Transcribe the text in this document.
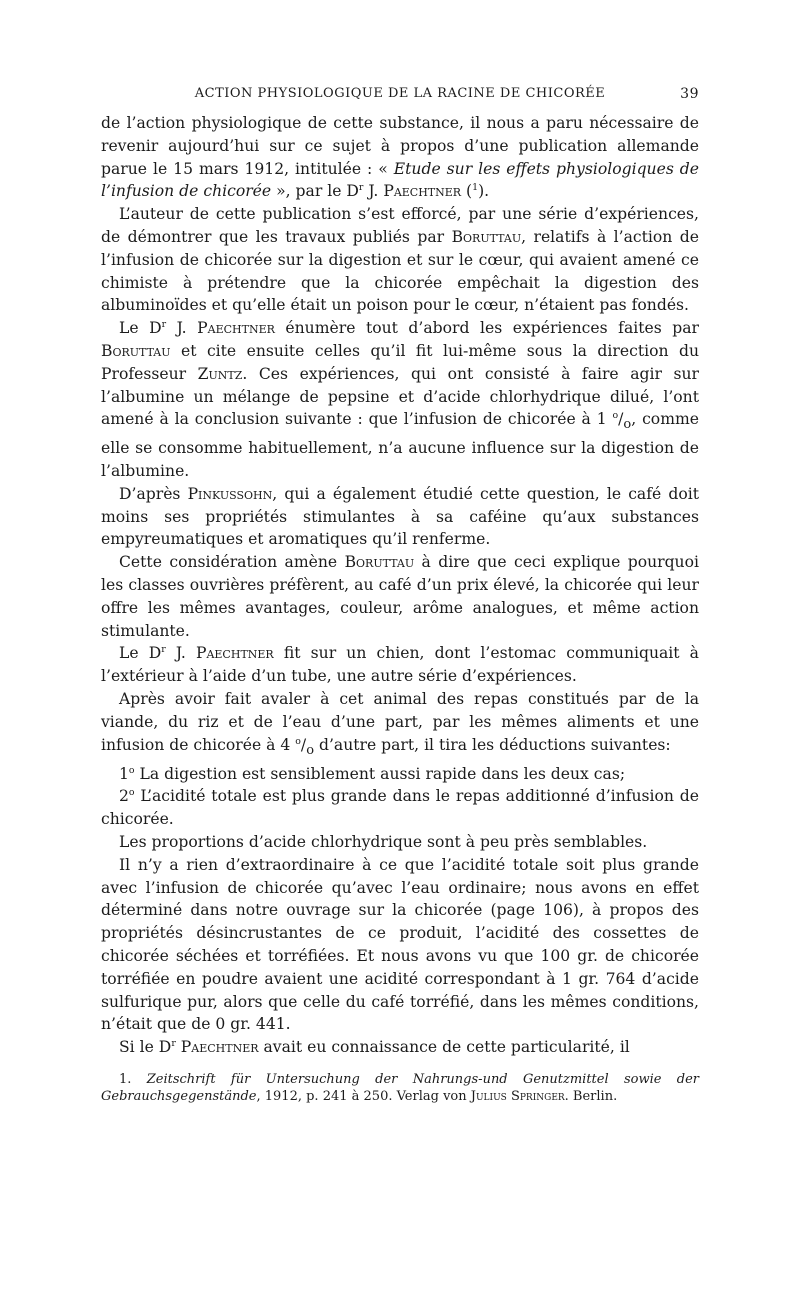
ACTION PHYSIOLOGIQUE DE LA RACINE DE CHICORÉE	39

de l’action physiologique de cette substance, il nous a paru nécessaire de revenir aujourd’hui sur ce sujet à propos d’une publication allemande parue le 15 mars 1912, intitulée : « Etude sur les effets physiologiques de l’infusion de chicorée », par le $D^r$ J. Paechtner ($^1$).

L’auteur de cette publication s’est efforcé, par une série d’expériences, de démontrer que les travaux publiés par Boruttau, relatifs à l’action de l’infusion de chicorée sur la digestion et sur le cœur, qui avaient amené ce chimiste à prétendre que la chicorée empêchait la digestion des albuminoïdes et qu’elle était un poison pour le cœur, n’étaient pas fondés.

Le $D^r$ J. Paechtner énumère tout d’abord les expériences faites par Boruttau et cite ensuite celles qu’il fit lui-même sous la direction du Professeur Zuntz. Ces expériences, qui ont consisté à faire agir sur l’albumine un mélange de pepsine et d’acide chlorhydrique dilué, l’ont amené à la conclusion suivante : que l’infusion de chicorée à 1 $^o/_o$, comme elle se consomme habituellement, n’a aucune influence sur la digestion de l’albumine.

D’après Pinkussohn, qui a également étudié cette question, le café doit moins ses propriétés stimulantes à sa caféine qu’aux substances empyreumatiques et aromatiques qu’il renferme.

Cette considération amène Boruttau à dire que ceci explique pourquoi les classes ouvrières préfèrent, au café d’un prix élevé, la chicorée qui leur offre les mêmes avantages, couleur, arôme analogues, et même action stimulante.

Le $D^r$ J. Paechtner fit sur un chien, dont l’estomac communiquait à l’extérieur à l’aide d’un tube, une autre série d’expériences.

Après avoir fait avaler à cet animal des repas constitués par de la viande, du riz et de l’eau d’une part, par les mêmes aliments et une infusion de chicorée à 4 $^o/_o$ d’autre part, il tira les déductions suivantes:

1$^o$ La digestion est sensiblement aussi rapide dans les deux cas;

2$^o$ L’acidité totale est plus grande dans le repas additionné d’infusion de chicorée.

Les proportions d’acide chlorhydrique sont à peu près semblables.

Il n’y a rien d’extraordinaire à ce que l’acidité totale soit plus grande avec l’infusion de chicorée qu’avec l’eau ordinaire; nous avons en effet déterminé dans notre ouvrage sur la chicorée (page 106), à propos des propriétés désincrustantes de ce produit, l’acidité des cossettes de chicorée séchées et torréfiées. Et nous avons vu que 100 gr. de chicorée torréfiée en poudre avaient une acidité correspondant à 1 gr. 764 d’acide sulfurique pur, alors que celle du café torréfié, dans les mêmes conditions, n’était que de 0 gr. 441.

Si le $D^r$ Paechtner avait eu connaissance de cette particularité, il

1. Zeitschrift für Untersuchung der Nahrungs-und Genutzmittel sowie der Gebrauchsgegenstände, 1912, p. 241 à 250. Verlag von Julius Springer. Berlin.
